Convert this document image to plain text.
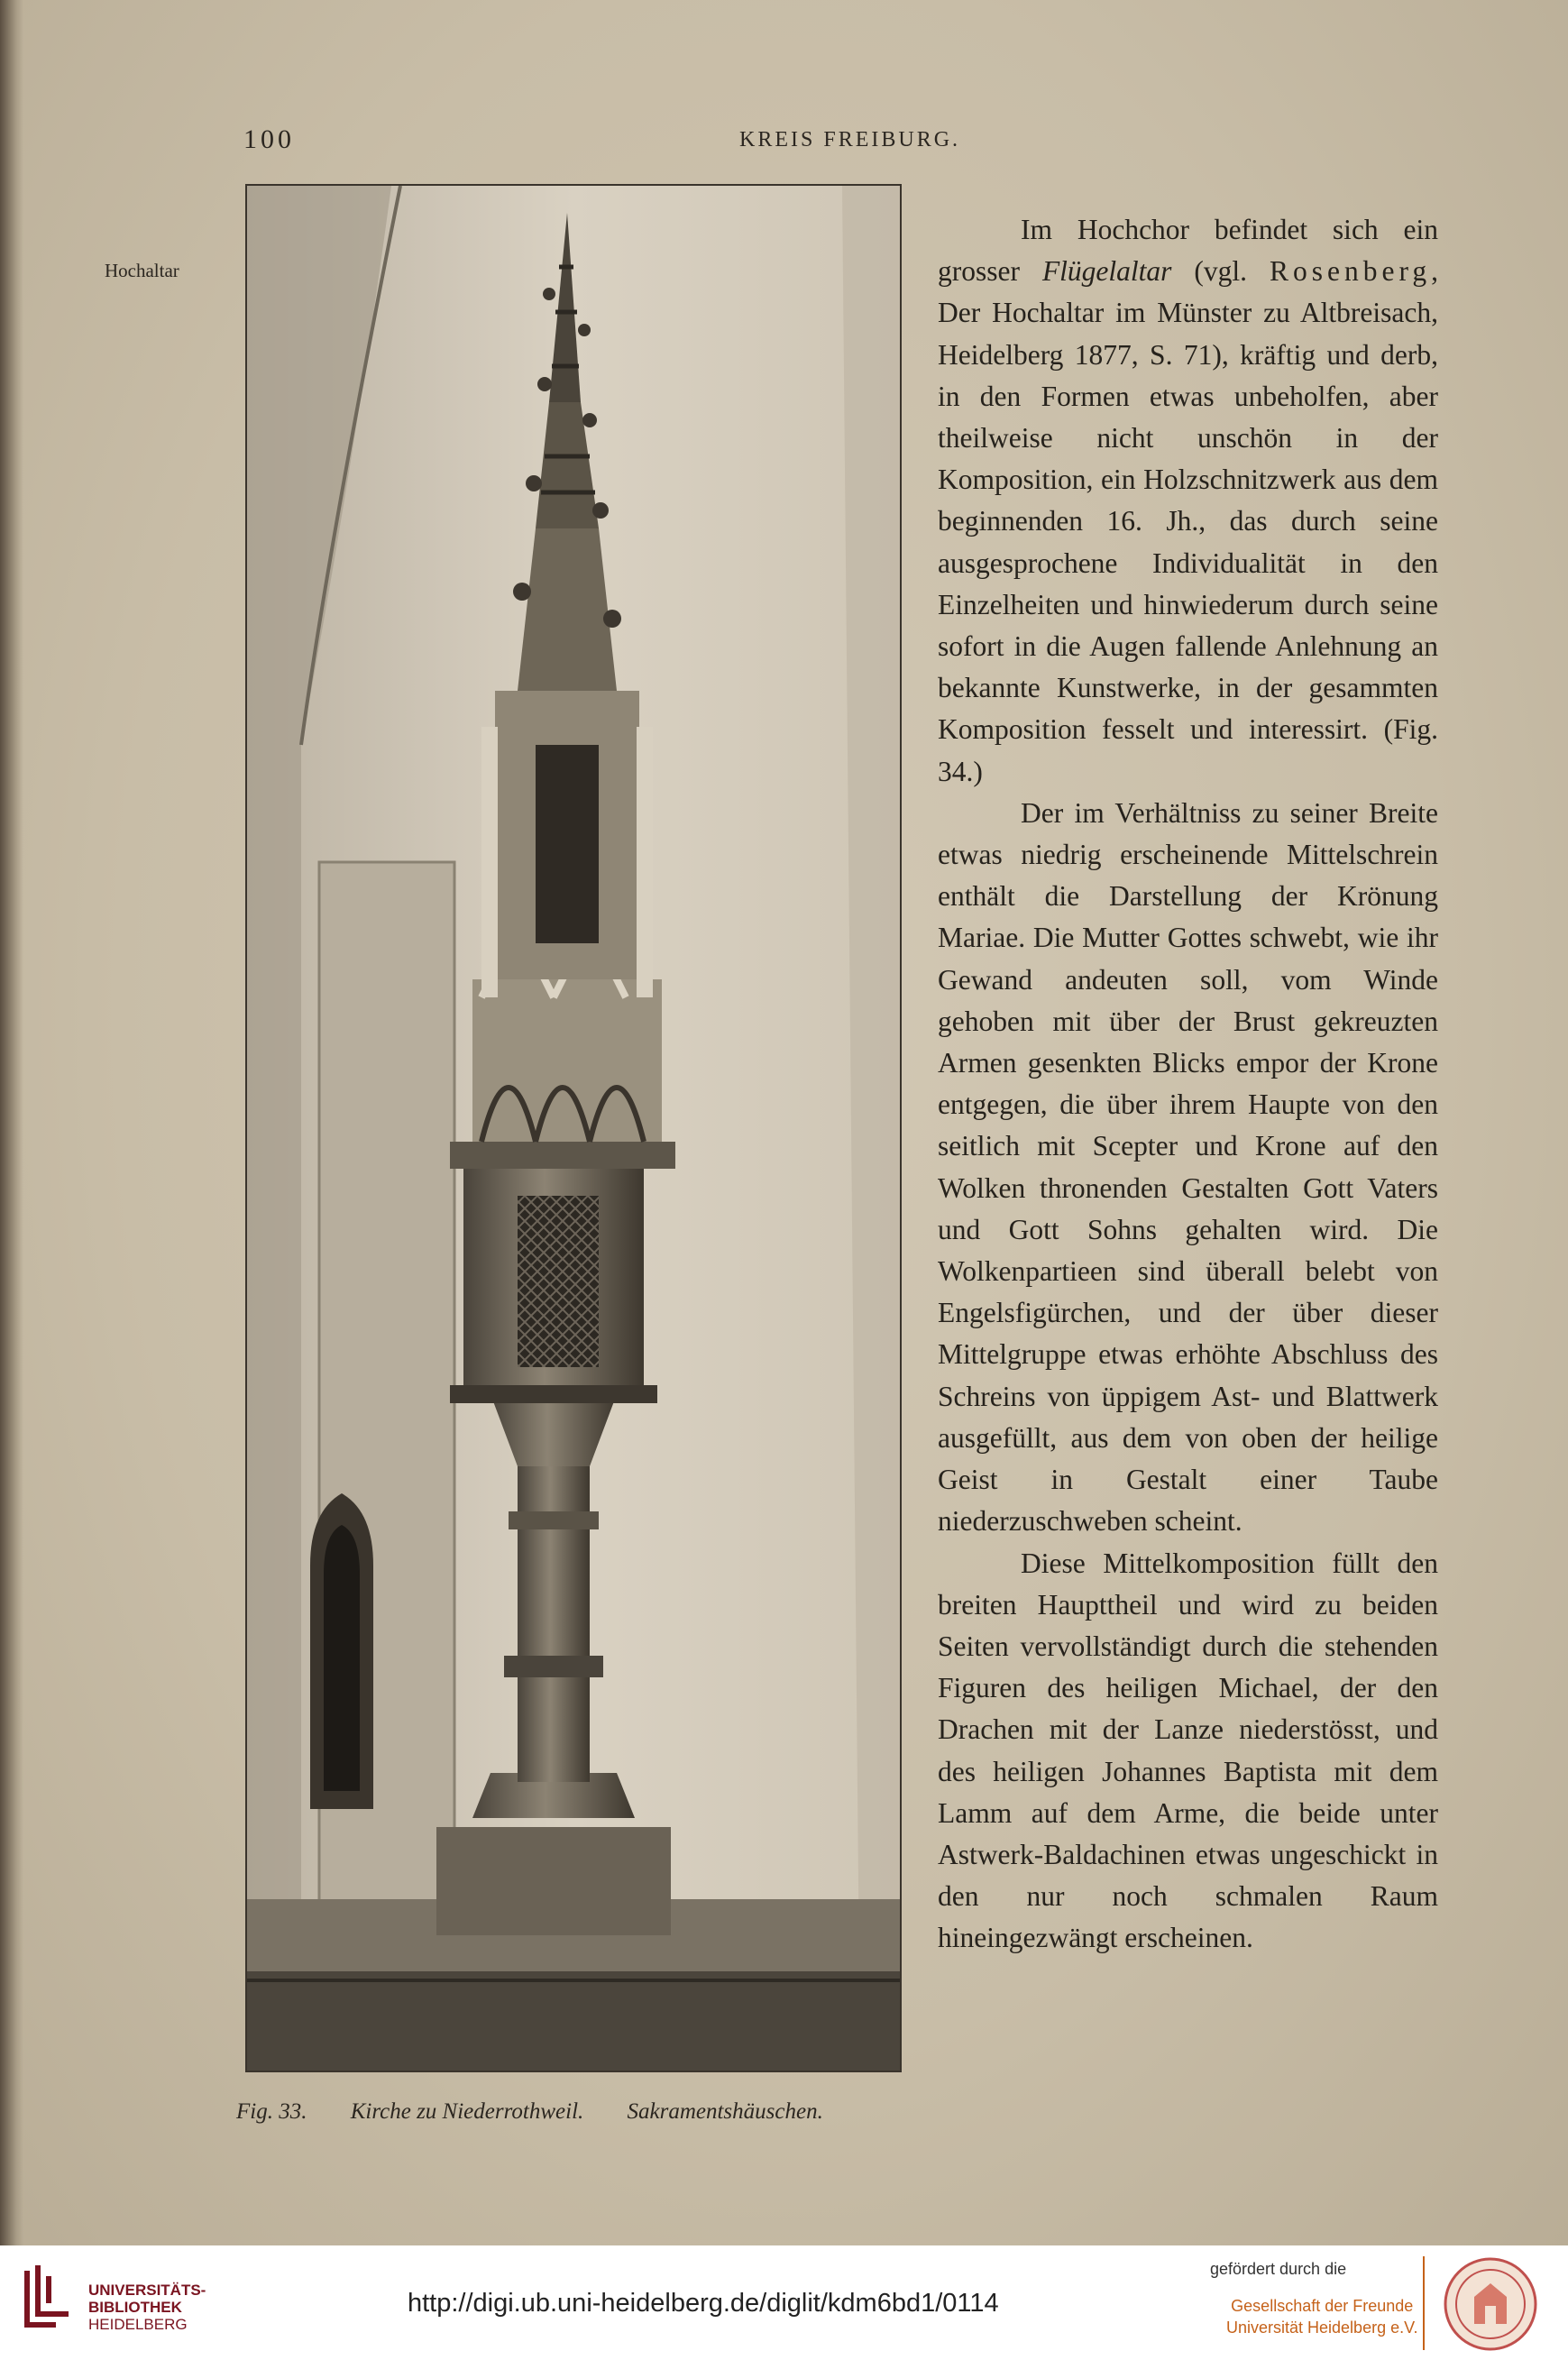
100	KREIS FREIBURG.
Hochaltar
Fig. 33. Kirche zu Niederrothweil. Sakramentshäuschen.

Im Hochchor befindet sich ein grosser Flügelaltar (vgl. Rosenberg, Der Hochaltar im Münster zu Altbreisach, Heidelberg 1877, S. 71), kräftig und derb, in den Formen etwas unbeholfen, aber theilweise nicht unschön in der Komposition, ein Holzschnitzwerk aus dem beginnenden 16. Jh., das durch seine ausgesprochene Individualität in den Einzelheiten und hinwiederum durch seine sofort in die Augen fallende Anlehnung an bekannte Kunstwerke, in der gesammten Komposition fesselt und interessirt. (Fig. 34.)

Der im Verhältniss zu seiner Breite etwas niedrig erscheinende Mittelschrein enthält die Darstellung der Krönung Mariae. Die Mutter Gottes schwebt, wie ihr Gewand andeuten soll, vom Winde gehoben mit über der Brust gekreuzten Armen gesenkten Blicks empor der Krone entgegen, die über ihrem Haupte von den seitlich mit Scepter und Krone auf den Wolken thronenden Gestalten Gott Vaters und Gott Sohns gehalten wird. Die Wolkenpartieen sind überall belebt von Engelsfigürchen, und der über dieser Mittelgruppe etwas erhöhte Abschluss des Schreins von üppigem Ast- und Blattwerk ausgefüllt, aus dem von oben der heilige Geist in Gestalt einer Taube niederzuschweben scheint.

Diese Mittelkomposition füllt den breiten Haupttheil und wird zu beiden Seiten vervollständigt durch die stehenden Figuren des heiligen Michael, der den Drachen mit der Lanze niederstösst, und des heiligen Johannes Baptista mit dem Lamm auf dem Arme, die beide unter Astwerk-Baldachinen etwas ungeschickt in den nur noch schmalen Raum hineingezwängt erscheinen.

UNIVERSITÄTS-
BIBLIOTHEK
HEIDELBERG
http://digi.ub.uni-heidelberg.de/diglit/kdm6bd1/0114
gefördert durch die
Gesellschaft der Freunde
Universität Heidelberg e.V.
